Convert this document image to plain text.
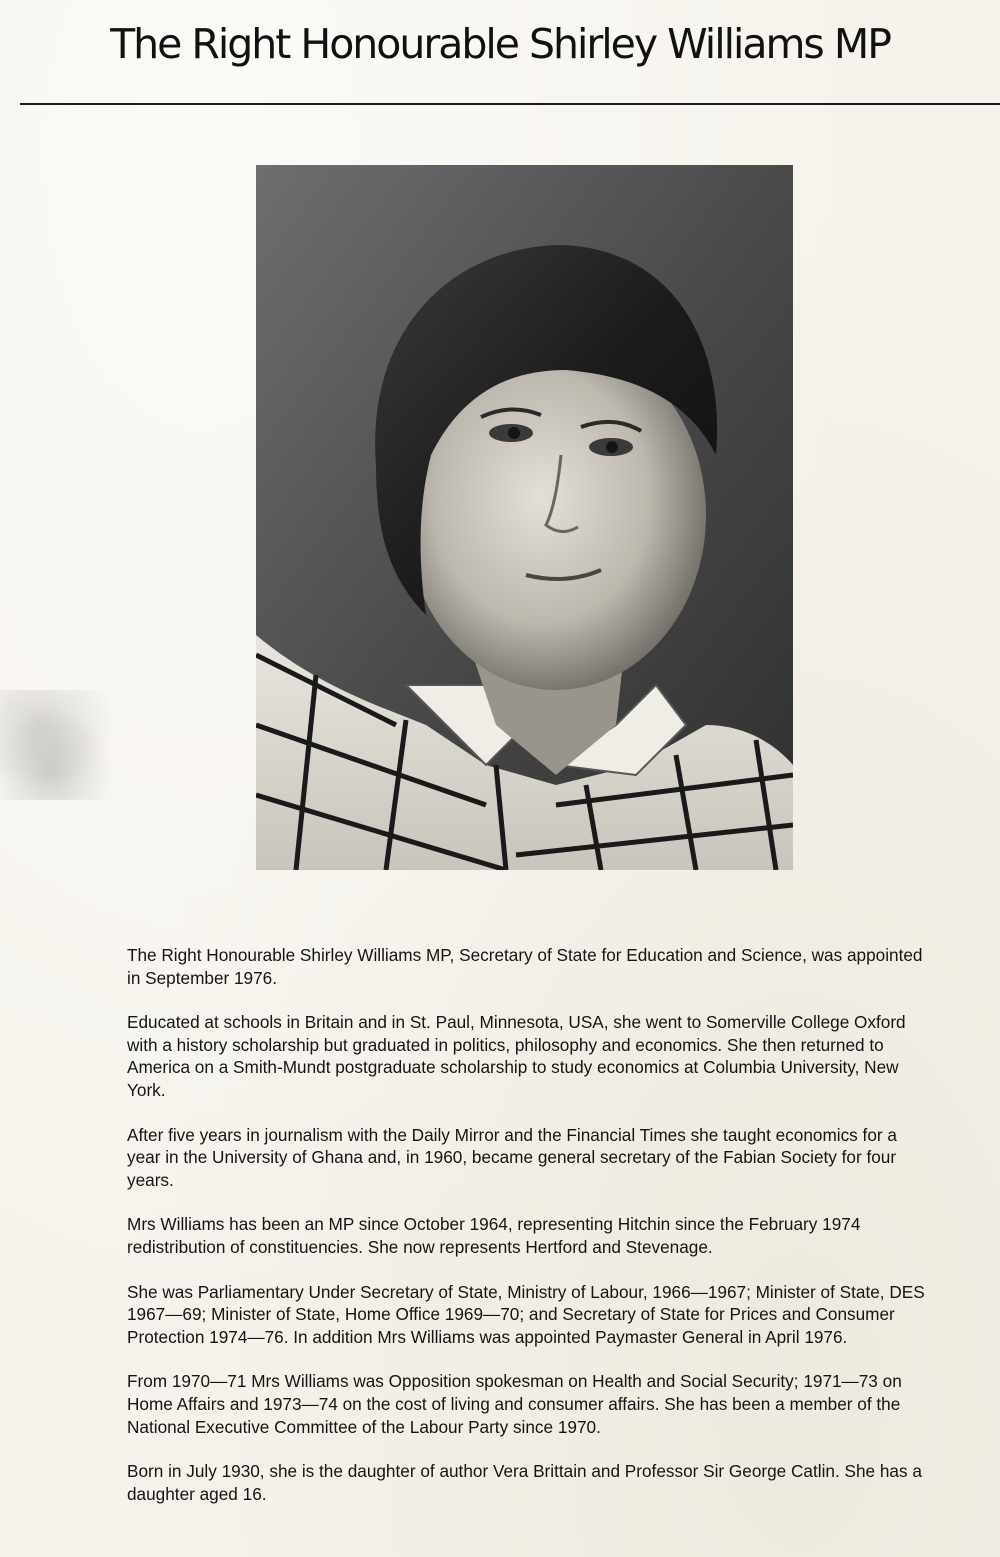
The Right Honourable Shirley Williams MP

The Right Honourable Shirley Williams MP, Secretary of State for Education and Science, was appointed in September 1976.

Educated at schools in Britain and in St. Paul, Minnesota, USA, she went to Somerville College Oxford with a history scholarship but graduated in politics, philosophy and economics. She then returned to America on a Smith-Mundt postgraduate scholarship to study economics at Columbia University, New York.

After five years in journalism with the Daily Mirror and the Financial Times she taught economics for a year in the University of Ghana and, in 1960, became general secretary of the Fabian Society for four years.

Mrs Williams has been an MP since October 1964, representing Hitchin since the February 1974 redistribution of constituencies. She now represents Hertford and Stevenage.

She was Parliamentary Under Secretary of State, Ministry of Labour, 1966—1967; Minister of State, DES 1967—69; Minister of State, Home Office 1969—70; and Secretary of State for Prices and Consumer Protection 1974—76. In addition Mrs Williams was appointed Paymaster General in April 1976.

From 1970—71 Mrs Williams was Opposition spokesman on Health and Social Security; 1971—73 on Home Affairs and 1973—74 on the cost of living and consumer affairs. She has been a member of the National Executive Committee of the Labour Party since 1970.

Born in July 1930, she is the daughter of author Vera Brittain and Professor Sir George Catlin. She has a daughter aged 16.
